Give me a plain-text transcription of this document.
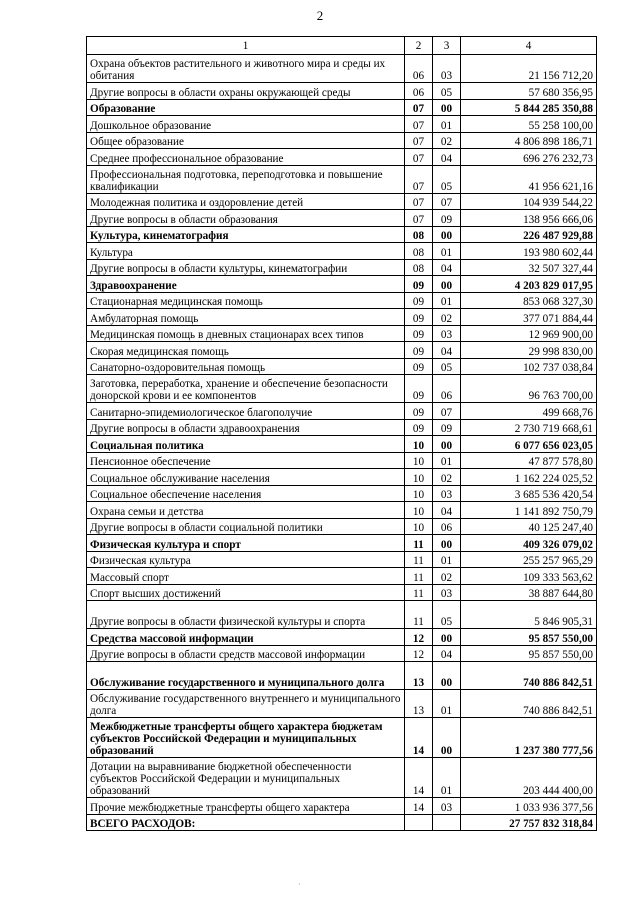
2
1	2	3	4
Охрана объектов растительного и животного мира и среды их обитания	06	03	21 156 712,20
Другие вопросы в области охраны окружающей среды	06	05	57 680 356,95
Образование	07	00	5 844 285 350,88
Дошкольное образование	07	01	55 258 100,00
Общее образование	07	02	4 806 898 186,71
Среднее профессиональное образование	07	04	696 276 232,73
Профессиональная подготовка, переподготовка и повышение квалификации	07	05	41 956 621,16
Молодежная политика и оздоровление детей	07	07	104 939 544,22
Другие вопросы в области образования	07	09	138 956 666,06
Культура, кинематография	08	00	226 487 929,88
Культура	08	01	193 980 602,44
Другие вопросы в области культуры, кинематографии	08	04	32 507 327,44
Здравоохранение	09	00	4 203 829 017,95
Стационарная медицинская помощь	09	01	853 068 327,30
Амбулаторная помощь	09	02	377 071 884,44
Медицинская помощь в дневных стационарах всех типов	09	03	12 969 900,00
Скорая медицинская помощь	09	04	29 998 830,00
Санаторно-оздоровительная помощь	09	05	102 737 038,84
Заготовка, переработка, хранение и обеспечение безопасности донорской крови и ее компонентов	09	06	96 763 700,00
Санитарно-эпидемиологическое благополучие	09	07	499 668,76
Другие вопросы в области здравоохранения	09	09	2 730 719 668,61
Социальная политика	10	00	6 077 656 023,05
Пенсионное обеспечение	10	01	47 877 578,80
Социальное обслуживание населения	10	02	1 162 224 025,52
Социальное обеспечение населения	10	03	3 685 536 420,54
Охрана семьи и детства	10	04	1 141 892 750,79
Другие вопросы в области социальной политики	10	06	40 125 247,40
Физическая культура и спорт	11	00	409 326 079,02
Физическая культура	11	01	255 257 965,29
Массовый спорт	11	02	109 333 563,62
Спорт высших достижений	11	03	38 887 644,80
Другие вопросы в области физической культуры и спорта	11	05	5 846 905,31
Средства массовой информации	12	00	95 857 550,00
Другие вопросы в области средств массовой информации	12	04	95 857 550,00
Обслуживание государственного и муниципального долга	13	00	740 886 842,51
Обслуживание государственного внутреннего и муниципального долга	13	01	740 886 842,51
Межбюджетные трансферты общего характера бюджетам субъектов Российской Федерации и муниципальных образований	14	00	1 237 380 777,56
Дотации на выравнивание бюджетной обеспеченности субъектов Российской Федерации и муниципальных образований	14	01	203 444 400,00
Прочие межбюджетные трансферты общего характера	14	03	1 033 936 377,56
ВСЕГО РАСХОДОВ:			27 757 832 318,84
·
